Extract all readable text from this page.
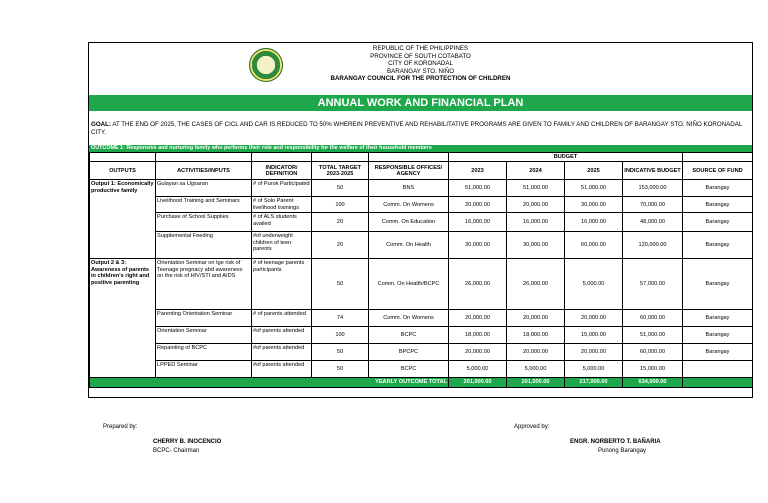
REPUBLIC OF THE PHILIPPINES
PROVINCE OF SOUTH COTABATO
CITY OF KORONADAL
BARANGAY STO. NIÑO
BARANGAY COUNCIL FOR THE PROTECTION OF CHILDREN
ANNUAL WORK AND FINANCIAL PLAN
GOAL: AT THE END OF 2025, THE CASES OF CICL AND CAR IS REDUCED TO 50% WHEREIN PREVENTIVE AND REHABILITATIVE PROGRAMS ARE GIVEN TO FAMILY AND CHILDREN OF BARANGAY STO. NIÑO KORONADAL CITY.
OUTCOME 1: Responsive and nurturing family who performs their role and responsibility for the welfare of their household members
					BUDGET				
OUTPUTS	ACTIVITIES/INPUTS	INDICATOR/ DEFINITION	TOTAL TARGET 2023-2025	RESPONSIBLE OFFICES/ AGENCY	2023	2024	2025	INDICATIVE BUDGET	SOURCE OF FUND
Output 1: Economically productive family	Gulayan sa Ugsaran	# of Purok Participated	50	BNS	51,000.00	51,000.00	51,000.00	153,000.00	Barangay
	Livelihood Training and Seminars	# of Solo Parent livelihood trainings	100	Comm. On Womens	20,000.00	20,000.00	30,000.00	70,000.00	Barangay
	Purchase of School Supplies	# of ALS students availed	20	Comm. On Education	16,000.00	16,000.00	16,000.00	48,000.00	Barangay
	Supplemental Feeding	#of underweight children of teen parents	20	Comm. On Health	30,000.00	30,000.00	60,000.00	120,000.00	Barangay
Output 2 & 3: Awareness of parents in children's right and positive parenting	Orientation Seminar on tge risk of Teenage pregnacy abd awareness on the risk of HIV/STI and AIDS	# of teenage parents participants	50	Comm. On Health/BCPC	26,000.00	26,000.00	5,000.00	57,000.00	Barangay
	Parenting Orientation Seminar	# of parents attended	74	Comm. On Womens	20,000.00	20,000.00	20,000.00	60,000.00	Barangay
	Orientation Seminar	#of parents attended	100	BCPC	18,000.00	18,000.00	15,000.00	51,000.00	Barangay
	Repainting of BCPC	#of parents attended	50	BPCPC	20,000.00	20,000.00	20,000.00	60,000.00	Barangay
	LPPED Seminar	#of parents attended	50	BCPC	5,000.00	5,000.00	5,000.00	15,000.00	
YEARLY OUTCOME TOTAL					201,000.00	201,000.00	217,000.00	634,000.00	
Prepared by:
CHERRY B. INOCENCIO
BCPC- Chairman
Approved by:
ENGR. NORBERTO T. BAÑARIA
Punong Barangay
